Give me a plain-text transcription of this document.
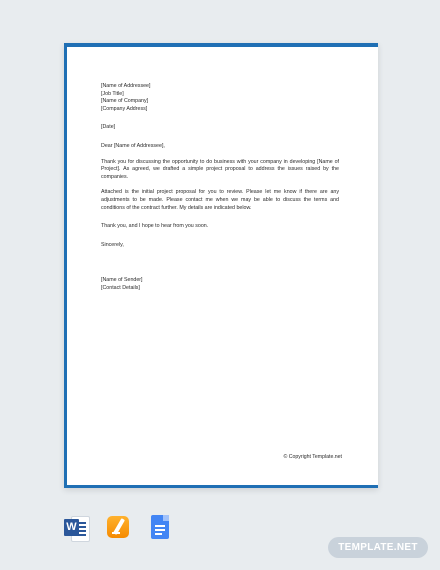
[Name of Addressee]
[Job Title]
[Name of Company]
[Company Address]
[Date]
Dear [Name of Addressee],

Thank you for discussing the opportunity to do business with your company in developing [Name of Project]. As agreed, we drafted a simple project proposal to address the issues raised by the companies.

Attached is the initial project proposal for you to review. Please let me know if there are any adjustments to be made. Please contact me when we may be able to discuss the terms and conditions of the contract further. My details are indicated below.

Thank you, and I hope to hear from you soon.

Sincerely,
[Name of Sender]
[Contact Details]
© Copyright Template.net
W
TEMPLATE.NET
